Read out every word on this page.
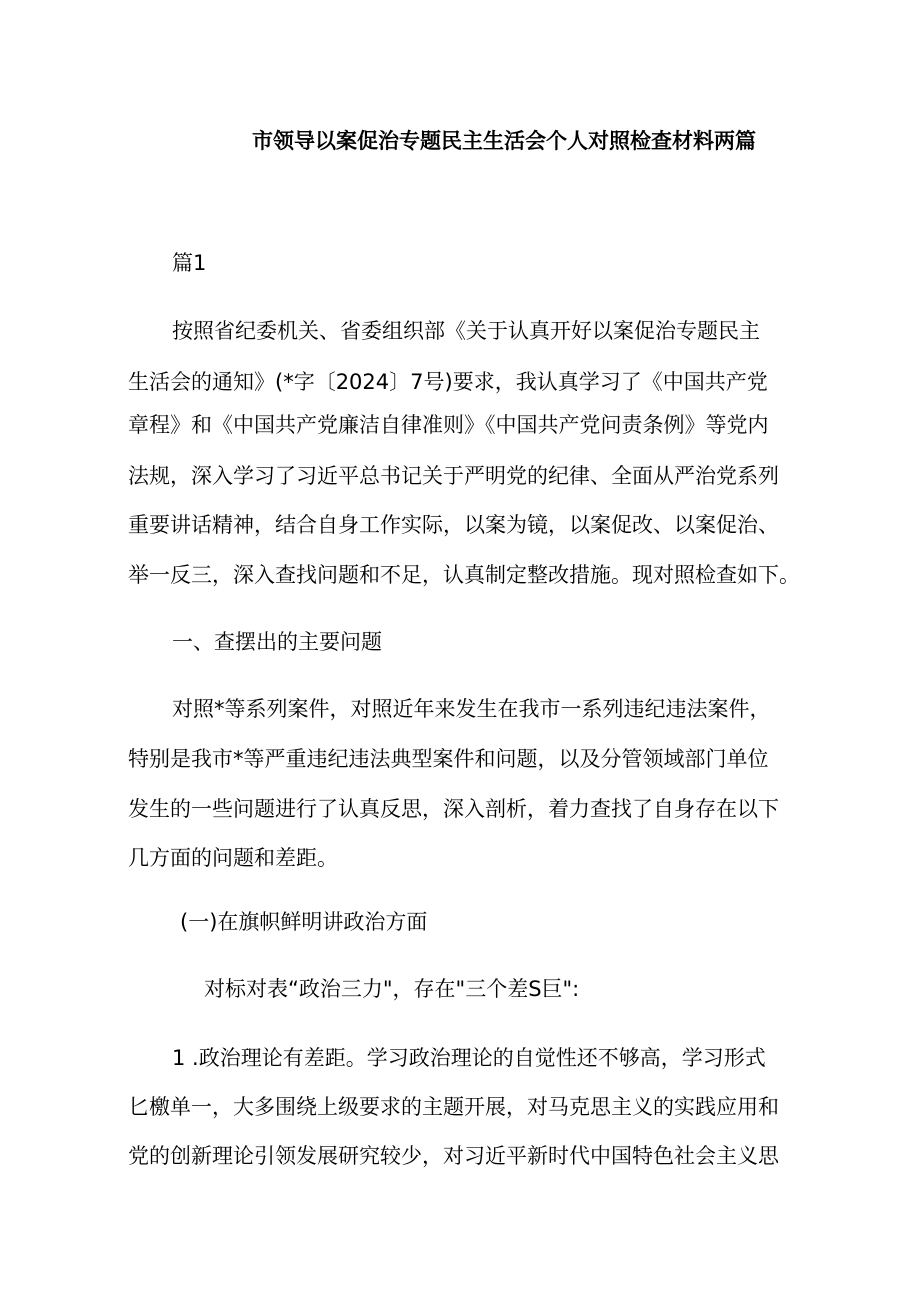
市领导以案促治专题民主生活会个人对照检查材料两篇
篇1
按照省纪委机关、省委组织部《关于认真开好以案促治专题民主
生活会的通知》(*字〔2024〕7号)要求，我认真学习了《中国共产党
章程》和《中国共产党廉洁自律准则》《中国共产党问责条例》等党内
法规，深入学习了习近平总书记关于严明党的纪律、全面从严治党系列
重要讲话精神，结合自身工作实际，以案为镜，以案促改、以案促治、
举一反三，深入查找问题和不足，认真制定整改措施。现对照检查如下。
一、查摆出的主要问题
对照*等系列案件，对照近年来发生在我市一系列违纪违法案件，
特别是我市*等严重违纪违法典型案件和问题，以及分管领域部门单位
发生的一些问题进行了认真反思，深入剖析，着力查找了自身存在以下
几方面的问题和差距。
(一)在旗帜鲜明讲政治方面
对标对表“政治三力"，存在"三个差S巨":
1 .政治理论有差距。学习政治理论的自觉性还不够高，学习形式
匕檄单一，大多围绕上级要求的主题开展，对马克思主义的实践应用和
党的创新理论引领发展研究较少，对习近平新时代中国特色社会主义思
